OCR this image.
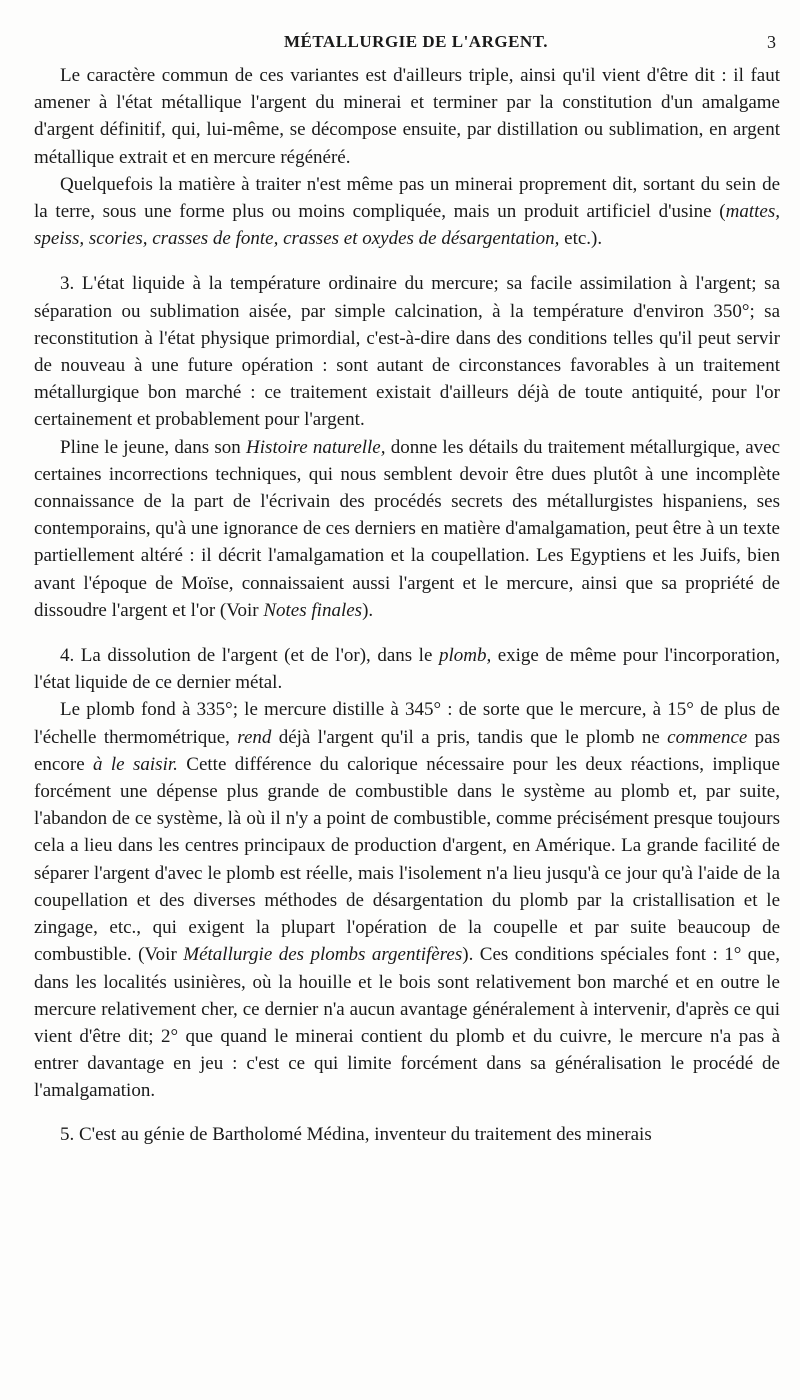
MÉTALLURGIE DE L'ARGENT.	3

Le caractère commun de ces variantes est d'ailleurs triple, ainsi qu'il vient d'être dit : il faut amener à l'état métallique l'argent du minerai et terminer par la constitution d'un amalgame d'argent définitif, qui, lui-même, se décompose ensuite, par distillation ou sublimation, en argent métallique extrait et en mercure régénéré.

Quelquefois la matière à traiter n'est même pas un minerai proprement dit, sortant du sein de la terre, sous une forme plus ou moins compliquée, mais un produit artificiel d'usine (mattes, speiss, scories, crasses de fonte, crasses et oxydes de désargentation, etc.).

3. L'état liquide à la température ordinaire du mercure; sa facile assimilation à l'argent; sa séparation ou sublimation aisée, par simple calcination, à la température d'environ 350°; sa reconstitution à l'état physique primordial, c'est-à-dire dans des conditions telles qu'il peut servir de nouveau à une future opération : sont autant de circonstances favorables à un traitement métallurgique bon marché : ce traitement existait d'ailleurs déjà de toute antiquité, pour l'or certainement et probablement pour l'argent.

Pline le jeune, dans son Histoire naturelle, donne les détails du traitement métallurgique, avec certaines incorrections techniques, qui nous semblent devoir être dues plutôt à une incomplète connaissance de la part de l'écrivain des procédés secrets des métallurgistes hispaniens, ses contemporains, qu'à une ignorance de ces derniers en matière d'amalgamation, peut être à un texte partiellement altéré : il décrit l'amalgamation et la coupellation. Les Egyptiens et les Juifs, bien avant l'époque de Moïse, connaissaient aussi l'argent et le mercure, ainsi que sa propriété de dissoudre l'argent et l'or (Voir Notes finales).

4. La dissolution de l'argent (et de l'or), dans le plomb, exige de même pour l'incorporation, l'état liquide de ce dernier métal.

Le plomb fond à 335°; le mercure distille à 345° : de sorte que le mercure, à 15° de plus de l'échelle thermométrique, rend déjà l'argent qu'il a pris, tandis que le plomb ne commence pas encore à le saisir. Cette différence du calorique nécessaire pour les deux réactions, implique forcément une dépense plus grande de combustible dans le système au plomb et, par suite, l'abandon de ce système, là où il n'y a point de combustible, comme précisément presque toujours cela a lieu dans les centres principaux de production d'argent, en Amérique. La grande facilité de séparer l'argent d'avec le plomb est réelle, mais l'isolement n'a lieu jusqu'à ce jour qu'à l'aide de la coupellation et des diverses méthodes de désargentation du plomb par la cristallisation et le zingage, etc., qui exigent la plupart l'opération de la coupelle et par suite beaucoup de combustible. (Voir Métallurgie des plombs argentifères). Ces conditions spéciales font : 1° que, dans les localités usinières, où la houille et le bois sont relativement bon marché et en outre le mercure relativement cher, ce dernier n'a aucun avantage généralement à intervenir, d'après ce qui vient d'être dit; 2° que quand le minerai contient du plomb et du cuivre, le mercure n'a pas à entrer davantage en jeu : c'est ce qui limite forcément dans sa généralisation le procédé de l'amalgamation.

5. C'est au génie de Bartholomé Médina, inventeur du traitement des minerais
